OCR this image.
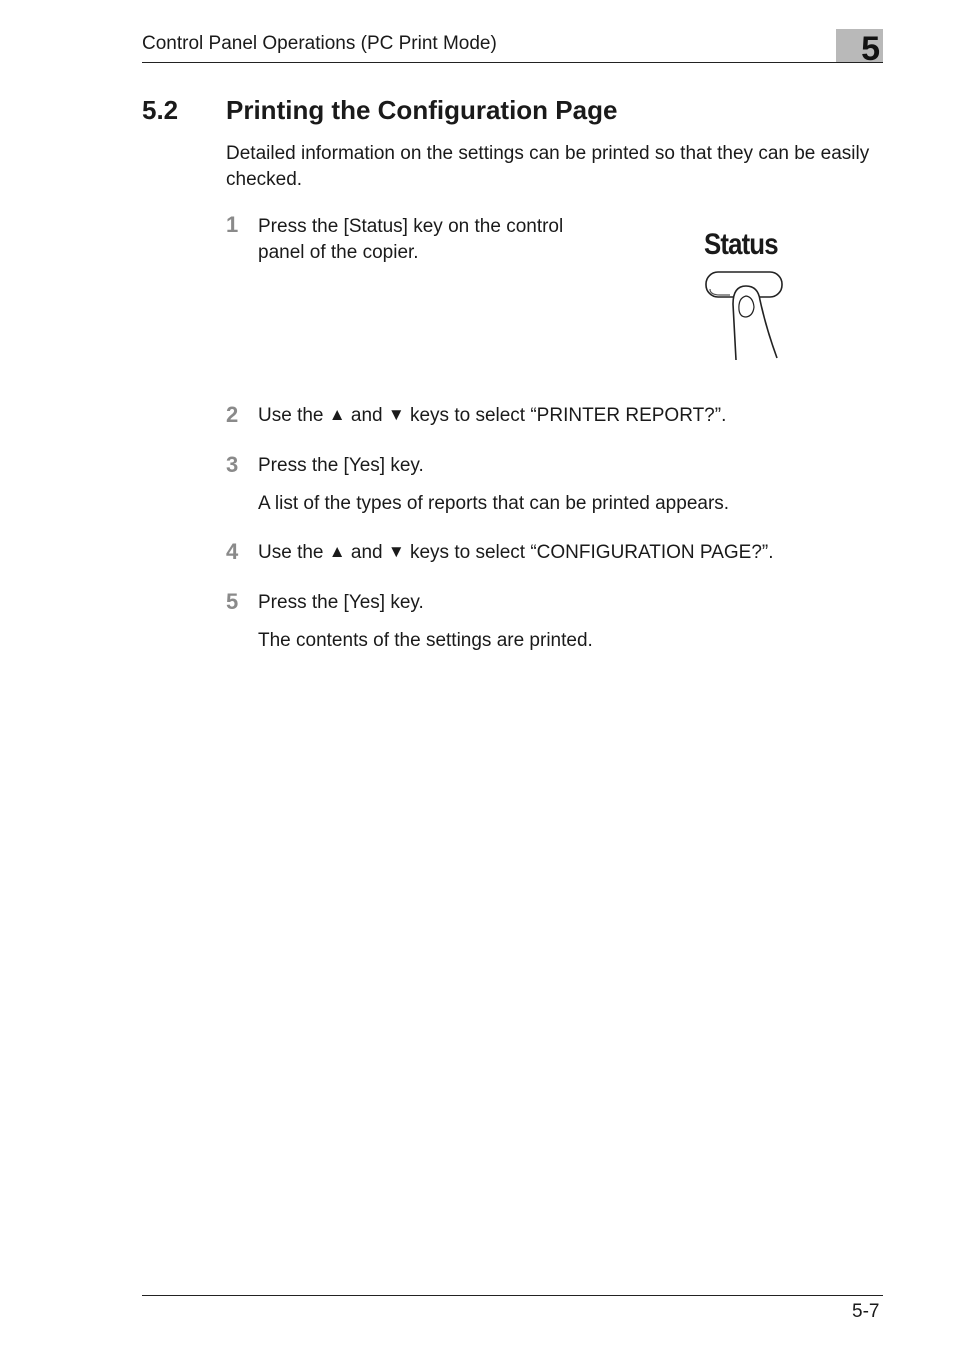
Control Panel Operations (PC Print Mode)	5
5.2 Printing the Configuration Page
Detailed information on the settings can be printed so that they can be easily checked.
1 Press the [Status] key on the control panel of the copier.	Status
2 Use the ▲ and ▼ keys to select “PRINTER REPORT?”.
3 Press the [Yes] key.
A list of the types of reports that can be printed appears.
4 Use the ▲ and ▼ keys to select “CONFIGURATION PAGE?”.
5 Press the [Yes] key.
The contents of the settings are printed.
5-7
